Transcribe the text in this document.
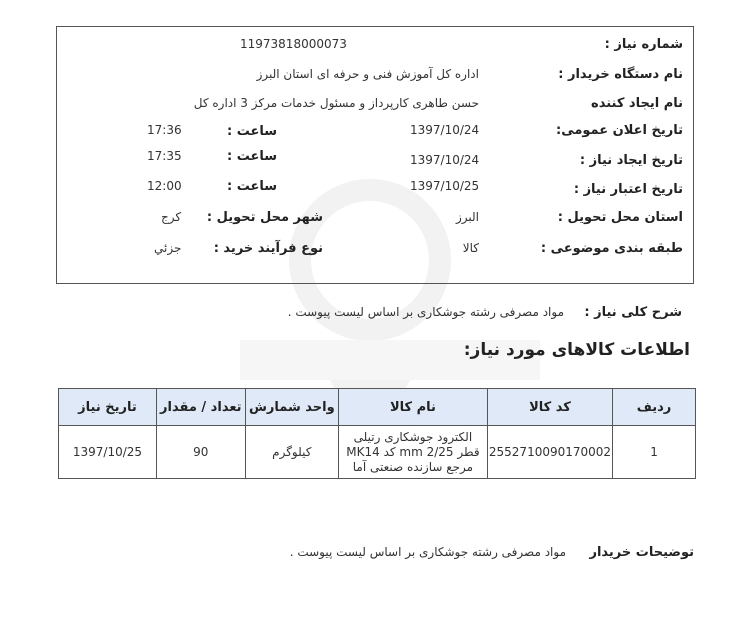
شماره نیاز :
11973818000073
نام دستگاه خریدار :
اداره کل آموزش فنی و حرفه ای استان البرز
نام ایجاد کننده
حسن طاهری کارپرداز و مسئول خدمات مرکز 3 اداره کل
تاریخ اعلان عمومی:
1397/10/24
ساعت :
17:36
تاریخ ایجاد نیاز :
1397/10/24
ساعت :
17:35
تاریخ اعتبار نیاز :
1397/10/25
ساعت :
12:00
استان محل تحویل :
البرز
شهر محل تحویل :
کرج
طبقه بندی موضوعی :
کالا
نوع فرآیند خرید :
جزئي
شرح کلی نیاز :
مواد مصرفی رشته جوشکاری بر اساس لیست پیوست .
اطلاعات کالاهای مورد نیاز:
ردیف	کد کالا	نام کالا	واحد شمارش	تعداد / مقدار	تاریخ نیاز
1	2552710090170002	الکترود جوشکاری رتیلی قطر 2/25 mm کد MK14 مرجع سازنده صنعتی آما	کیلوگرم	90	1397/10/25
توضیحات خریدار
مواد مصرفی رشته جوشکاری بر اساس لیست پیوست .
